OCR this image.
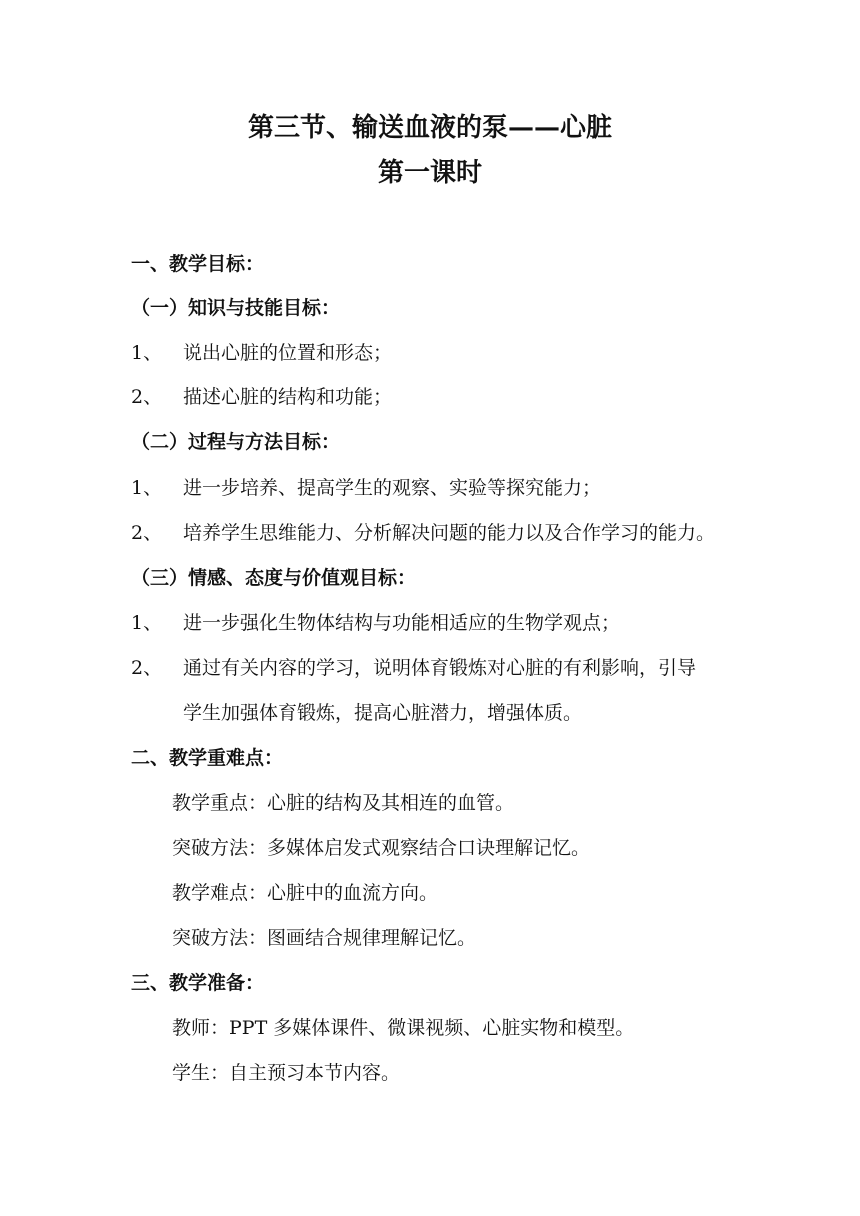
第三节、输送血液的泵——心脏
第一课时
一、教学目标：
（一）知识与技能目标：
1、 说出心脏的位置和形态；
2、 描述心脏的结构和功能；
（二）过程与方法目标：
1、 进一步培养、提高学生的观察、实验等探究能力；
2、 培养学生思维能力、分析解决问题的能力以及合作学习的能力。
（三）情感、态度与价值观目标：
1、 进一步强化生物体结构与功能相适应的生物学观点；
2、 通过有关内容的学习，说明体育锻炼对心脏的有利影响，引导
学生加强体育锻炼，提高心脏潜力，增强体质。
二、教学重难点：
教学重点：心脏的结构及其相连的血管。
突破方法：多媒体启发式观察结合口诀理解记忆。
教学难点：心脏中的血流方向。
突破方法：图画结合规律理解记忆。
三、教学准备：
教师：PPT 多媒体课件、微课视频、心脏实物和模型。
学生：自主预习本节内容。
